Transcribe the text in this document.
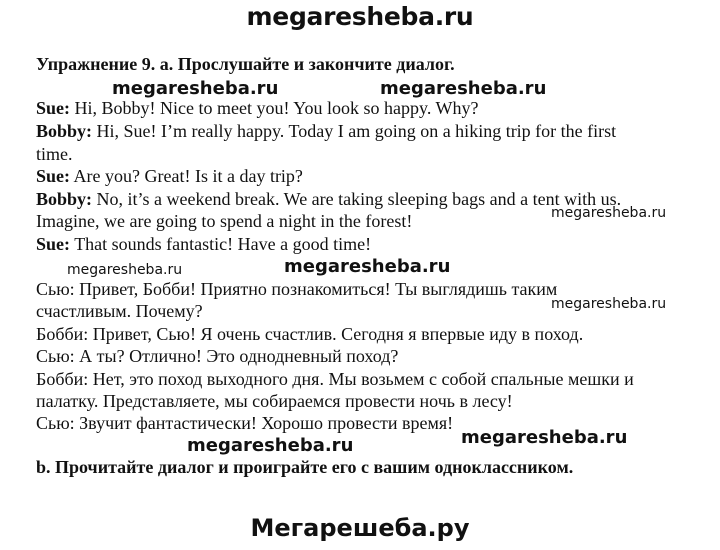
megaresheba.ru
Упражнение 9. а. Прослушайте и закончите диалог.
megaresheba.ru	megaresheba.ru
megaresheba.ru
megaresheba.ru	megaresheba.ru
megaresheba.ru
megaresheba.ru	megaresheba.ru
Sue: Hi, Bobby! Nice to meet you! You look so happy. Why?
Bobby: Hi, Sue! I’m really happy. Today I am going on a hiking trip for the first
time.
Sue: Are you? Great! Is it a day trip?
Bobby: No, it’s a weekend break. We are taking sleeping bags and a tent with us.
Imagine, we are going to spend a night in the forest!
Sue: That sounds fantastic! Have a good time!
Сью: Привет, Бобби! Приятно познакомиться! Ты выглядишь таким
счастливым. Почему?
Бобби: Привет, Сью! Я очень счастлив. Сегодня я впервые иду в поход.
Сью: А ты? Отлично! Это однодневный поход?
Бобби: Нет, это поход выходного дня. Мы возьмем с собой спальные мешки и
палатку. Представляете, мы собираемся провести ночь в лесу!
Сью: Звучит фантастически! Хорошо провести время!
b. Прочитайте диалог и проиграйте его с вашим одноклассником.
Мегарешеба.ру
